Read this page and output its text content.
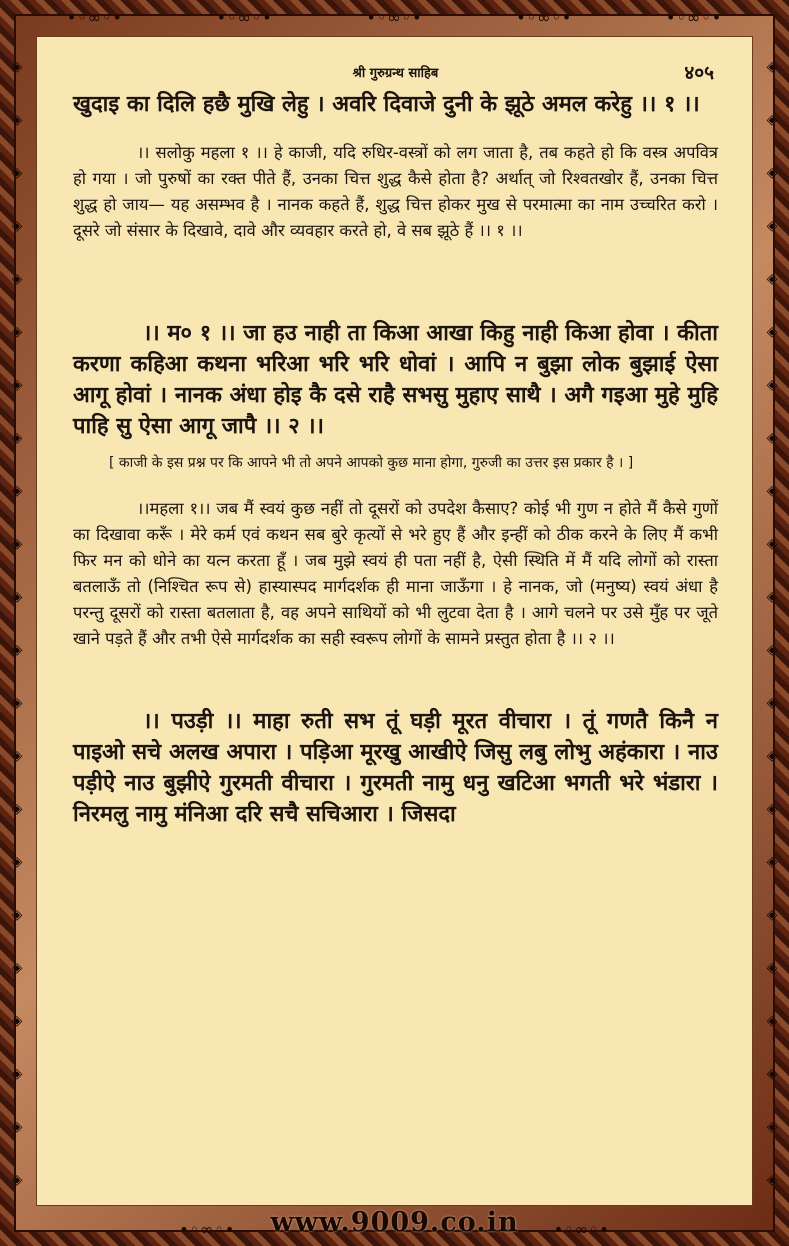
•◦∞◦•	•◦∞◦•	•◦∞◦•	•◦∞◦•	•◦∞◦•
•◦∞◦•	•◦∞◦•
◈
◈
◈
◈
◈
◈
◈
◈
◈
◈
◈
◈
◈
◈
◈
◈
◈
◈
◈
◈
◈
◈
◈
◈
◈
◈
◈
◈
◈
◈
◈
◈
◈
◈
◈
◈
◈
◈
◈
◈
◈
◈
◈
◈
श्री गुरुग्रन्थ साहिब	४०५

खुदाइ का दिलि हछै मुखि लेहु । अवरि दिवाजे दुनी के झूठे अमल करेहु ।। १ ।।

।। सलोकु महला १ ।। हे काजी, यदि रुधिर-वस्त्रों को लग जाता है, तब कहते हो कि वस्त्र अपवित्र हो गया । जो पुरुषों का रक्त पीते हैं, उनका चित्त शुद्ध कैसे होता है? अर्थात् जो रिश्वतखोर हैं, उनका चित्त शुद्ध हो जाय— यह असम्भव है । नानक कहते हैं, शुद्ध चित्त होकर मुख से परमात्मा का नाम उच्चरित करो । दूसरे जो संसार के दिखावे, दावे और व्यवहार करते हो, वे सब झूठे हैं ।। १ ।।

।। म० १ ।। जा हउ नाही ता किआ आखा किहु नाही किआ होवा । कीता करणा कहिआ कथना भरिआ भरि भरि धोवां । आपि न बुझा लोक बुझाई ऐसा आगू होवां । नानक अंधा होइ कै दसे राहै सभसु मुहाए साथै । अगै गइआ मुहे मुहि पाहि सु ऐसा आगू जापै ।। २ ।।

[ काजी के इस प्रश्न पर कि आपने भी तो अपने आपको कुछ माना होगा, गुरुजी का उत्तर इस प्रकार है । ]

।।महला १।। जब मैं स्वयं कुछ नहीं तो दूसरों को उपदेश कैसाए? कोई भी गुण न होते मैं कैसे गुणों का दिखावा करूँ । मेरे कर्म एवं कथन सब बुरे कृत्यों से भरे हुए हैं और इन्हीं को ठीक करने के लिए मैं कभी फिर मन को धोने का यत्न करता हूँ । जब मुझे स्वयं ही पता नहीं है, ऐसी स्थिति में मैं यदि लोगों को रास्ता बतलाऊँ तो (निश्चित रूप से) हास्यास्पद मार्गदर्शक ही माना जाऊँगा । हे नानक, जो (मनुष्य) स्वयं अंधा है परन्तु दूसरों को रास्ता बतलाता है, वह अपने साथियों को भी लुटवा देता है । आगे चलने पर उसे मुँह पर जूते खाने पड़ते हैं और तभी ऐसे मार्गदर्शक का सही स्वरूप लोगों के सामने प्रस्तुत होता है ।। २ ।।

।। पउड़ी ।। माहा रुती सभ तूं घड़ी मूरत वीचारा । तूं गणतै किनै न पाइओ सचे अलख अपारा । पड़िआ मूरखु आखीऐ जिसु लबु लोभु अहंकारा । नाउ पड़ीऐ नाउ बुझीऐ गुरमती वीचारा । गुरमती नामु धनु खटिआ भगती भरे भंडारा । निरमलु नामु मंनिआ दरि सचै सचिआरा । जिसदा

www.9009.co.in
